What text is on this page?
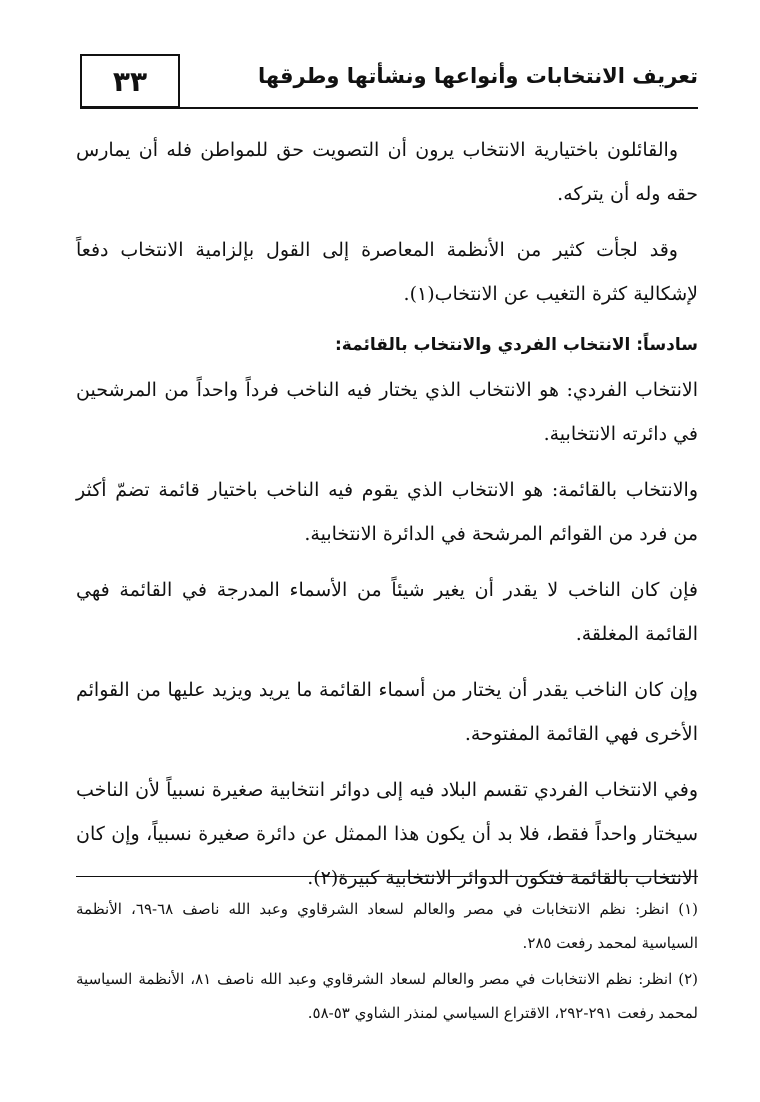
٣٣	تعريف الانتخابات وأنواعها ونشأتها وطرقها

والقائلون باختيارية الانتخاب يرون أن التصويت حق للمواطن فله أن يمارس حقه وله أن يتركه.

وقد لجأت كثير من الأنظمة المعاصرة إلى القول بإلزامية الانتخاب دفعاً لإشكالية كثرة التغيب عن الانتخاب(١).

سادساً: الانتخاب الفردي والانتخاب بالقائمة:

الانتخاب الفردي: هو الانتخاب الذي يختار فيه الناخب فرداً واحداً من المرشحين في دائرته الانتخابية.

والانتخاب بالقائمة: هو الانتخاب الذي يقوم فيه الناخب باختيار قائمة تضمّ أكثر من فرد من القوائم المرشحة في الدائرة الانتخابية.

فإن كان الناخب لا يقدر أن يغير شيئاً من الأسماء المدرجة في القائمة فهي القائمة المغلقة.

وإن كان الناخب يقدر أن يختار من أسماء القائمة ما يريد ويزيد عليها من القوائم الأخرى فهي القائمة المفتوحة.

وفي الانتخاب الفردي تقسم البلاد فيه إلى دوائر انتخابية صغيرة نسبياً لأن الناخب سيختار واحداً فقط، فلا بد أن يكون هذا الممثل عن دائرة صغيرة نسبياً، وإن كان الانتخاب بالقائمة فتكون الدوائر الانتخابية كبيرة(٢).

(١) انظر: نظم الانتخابات في مصر والعالم لسعاد الشرقاوي وعبد الله ناصف ٦٨-٦٩، الأنظمة السياسية لمحمد رفعت ٢٨٥.

(٢) انظر: نظم الانتخابات في مصر والعالم لسعاد الشرقاوي وعبد الله ناصف ٨١، الأنظمة السياسية لمحمد رفعت ٢٩١-٢٩٢، الاقتراع السياسي لمنذر الشاوي ٥٣-٥٨.
